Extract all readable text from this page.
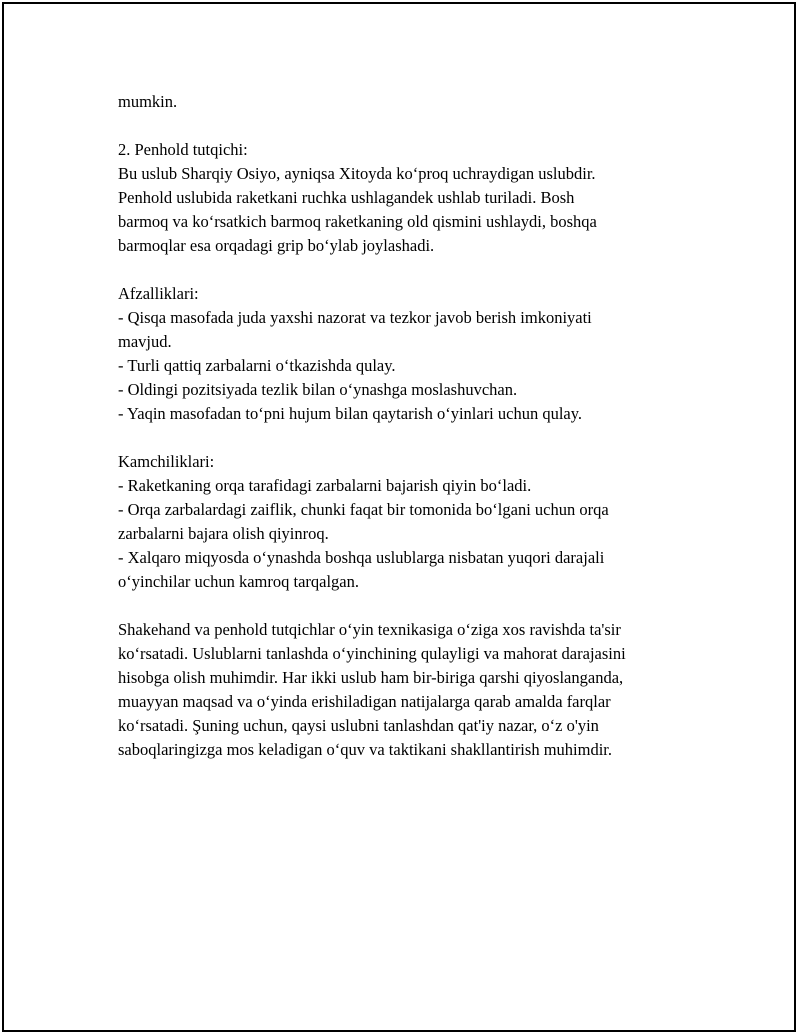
mumkin.
2. Penhold tutqichi:
Bu uslub Sharqiy Osiyo, ayniqsa Xitoyda ko‘proq uchraydigan uslubdir.
Penhold uslubida raketkani ruchka ushlagandek ushlab turiladi. Bosh
barmoq va ko‘rsatkich barmoq raketkaning old qismini ushlaydi, boshqa
barmoqlar esa orqadagi grip bo‘ylab joylashadi.
Afzalliklari:
- Qisqa masofada juda yaxshi nazorat va tezkor javob berish imkoniyati
mavjud.
- Turli qattiq zarbalarni o‘tkazishda qulay.
- Oldingi pozitsiyada tezlik bilan o‘ynashga moslashuvchan.
- Yaqin masofadan to‘pni hujum bilan qaytarish o‘yinlari uchun qulay.
Kamchiliklari:
- Raketkaning orqa tarafidagi zarbalarni bajarish qiyin bo‘ladi.
- Orqa zarbalardagi zaiflik, chunki faqat bir tomonida bo‘lgani uchun orqa
zarbalarni bajara olish qiyinroq.
- Xalqaro miqyosda o‘ynashda boshqa uslublarga nisbatan yuqori darajali
o‘yinchilar uchun kamroq tarqalgan.
Shakehand va penhold tutqichlar o‘yin texnikasiga o‘ziga xos ravishda ta'sir
ko‘rsatadi. Uslublarni tanlashda o‘yinchining qulayligi va mahorat darajasini
hisobga olish muhimdir. Har ikki uslub ham bir-biriga qarshi qiyoslanganda,
muayyan maqsad va o‘yinda erishiladigan natijalarga qarab amalda farqlar
ko‘rsatadi. Şuning uchun, qaysi uslubni tanlashdan qat'iy nazar, o‘z o'yin
saboqlaringizga mos keladigan o‘quv va taktikani shakllantirish muhimdir.
